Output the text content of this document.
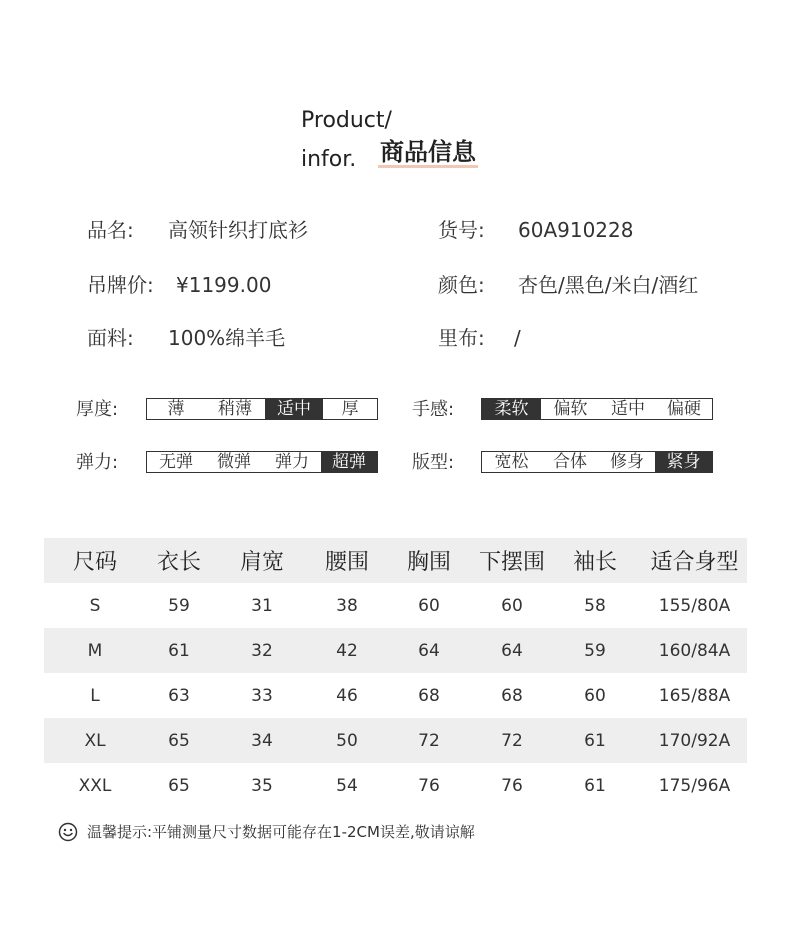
Product/
infor. 商品信息
品名: 高领针织打底衫	货号: 60A910228
吊牌价: ¥1199.00	颜色: 杏色/黑色/米白/酒红
面料: 100%绵羊毛	里布: /
厚度:	薄	稍薄	适中	厚	手感:	柔软	偏软	适中	偏硬
弹力:	无弹	微弹	弹力	超弹	版型:	宽松	合体	修身	紧身
尺码	衣长	肩宽	腰围	胸围	下摆围	袖长	适合身型
S	59	31	38	60	60	58	155/80A
M	61	32	42	64	64	59	160/84A
L	63	33	46	68	68	60	165/88A
XL	65	34	50	72	72	61	170/92A
XXL	65	35	54	76	76	61	175/96A
温馨提示:平铺测量尺寸数据可能存在1-2CM误差,敬请谅解
